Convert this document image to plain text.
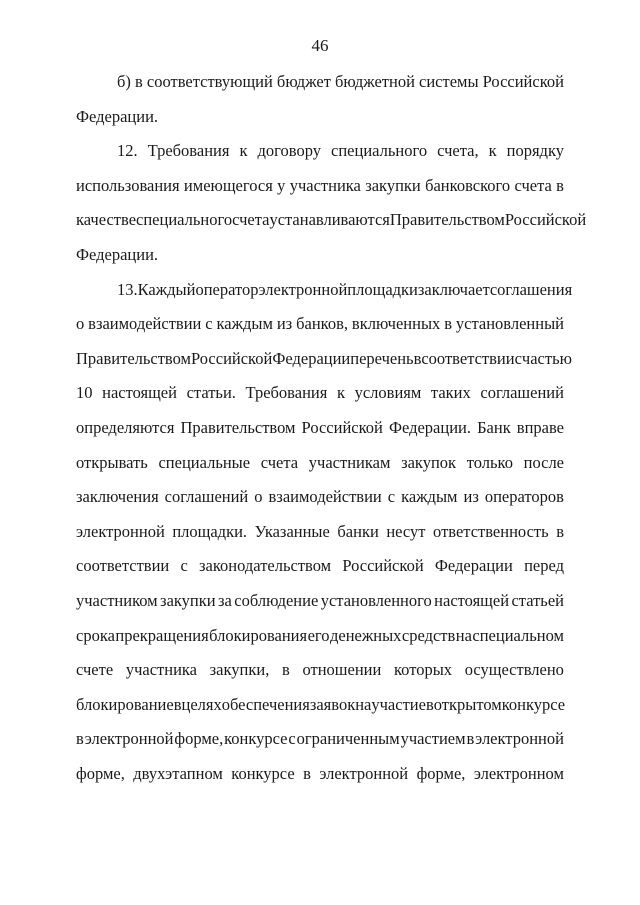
46
б) в соответствующий бюджет бюджетной системы Российской
Федерации.
12. Требования к договору специального счета, к порядку
использования имеющегося у участника закупки банковского счета в
качестве специального счета устанавливаются Правительством Российской
Федерации.
13. Каждый оператор электронной площадки заключает соглашения
о взаимодействии с каждым из банков, включенных в установленный
Правительством Российской Федерации перечень в соответствии с частью
10 настоящей статьи. Требования к условиям таких соглашений
определяются Правительством Российской Федерации. Банк вправе
открывать специальные счета участникам закупок только после
заключения соглашений о взаимодействии с каждым из операторов
электронной площадки. Указанные банки несут ответственность в
соответствии с законодательством Российской Федерации перед
участником закупки за соблюдение установленного настоящей статьей
срока прекращения блокирования его денежных средств на специальном
счете участника закупки, в отношении которых осуществлено
блокирование в целях обеспечения заявок на участие в открытом конкурсе
в электронной форме, конкурсе с ограниченным участием в электронной
форме, двухэтапном конкурсе в электронной форме, электронном
